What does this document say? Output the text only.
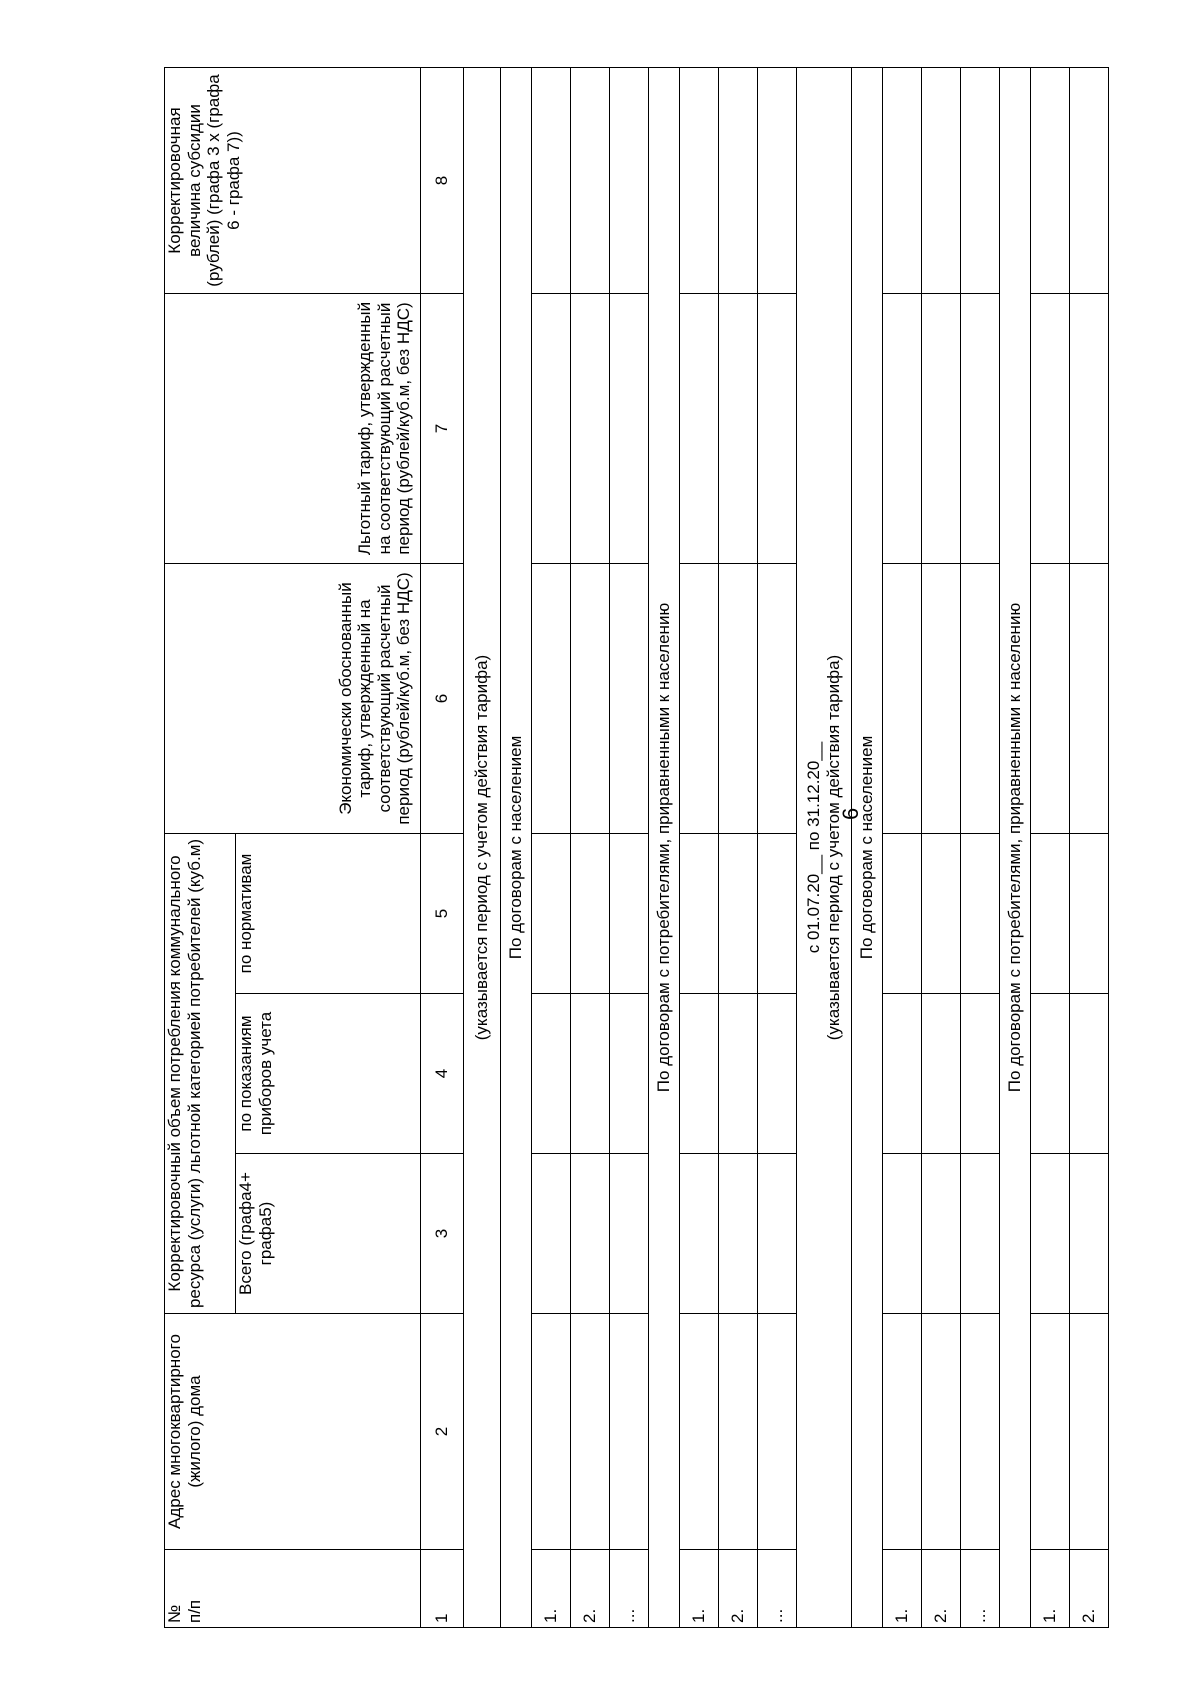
6
№
п/п	Адрес многоквартирного (жилого) дома	Корректировочный объем потребления коммунального ресурса (услуги) льготной категорией потребителей (куб.м)			Экономически обоснованный тариф, утвержденный на соответствующий расчетный период (рублей/куб.м, без НДС)	Льготный тариф, утвержденный на соответствующий расчетный период (рублей/куб.м, без НДС)	Корректировочная величина субсидии (рублей) (графа 3 x (графа 6 - графа 7))
		Всего (графа4+ графа5)	по показаниям приборов учета	по нормативам			
1	2	3	4	5	6	7	8

(указывается период с учетом действия тарифа)							

По договорам с населением							
1.							
2.							
...							
По договорам с потребителями, приравненными к населению							
1.							
2.							
...							

с 01.07.20__ по 31.12.20__ (указывается период с учетом действия тарифа)							

По договорам с населением							
1.							
2.							
...							
По договорам с потребителями, приравненными к населению							
1.							
2.							
